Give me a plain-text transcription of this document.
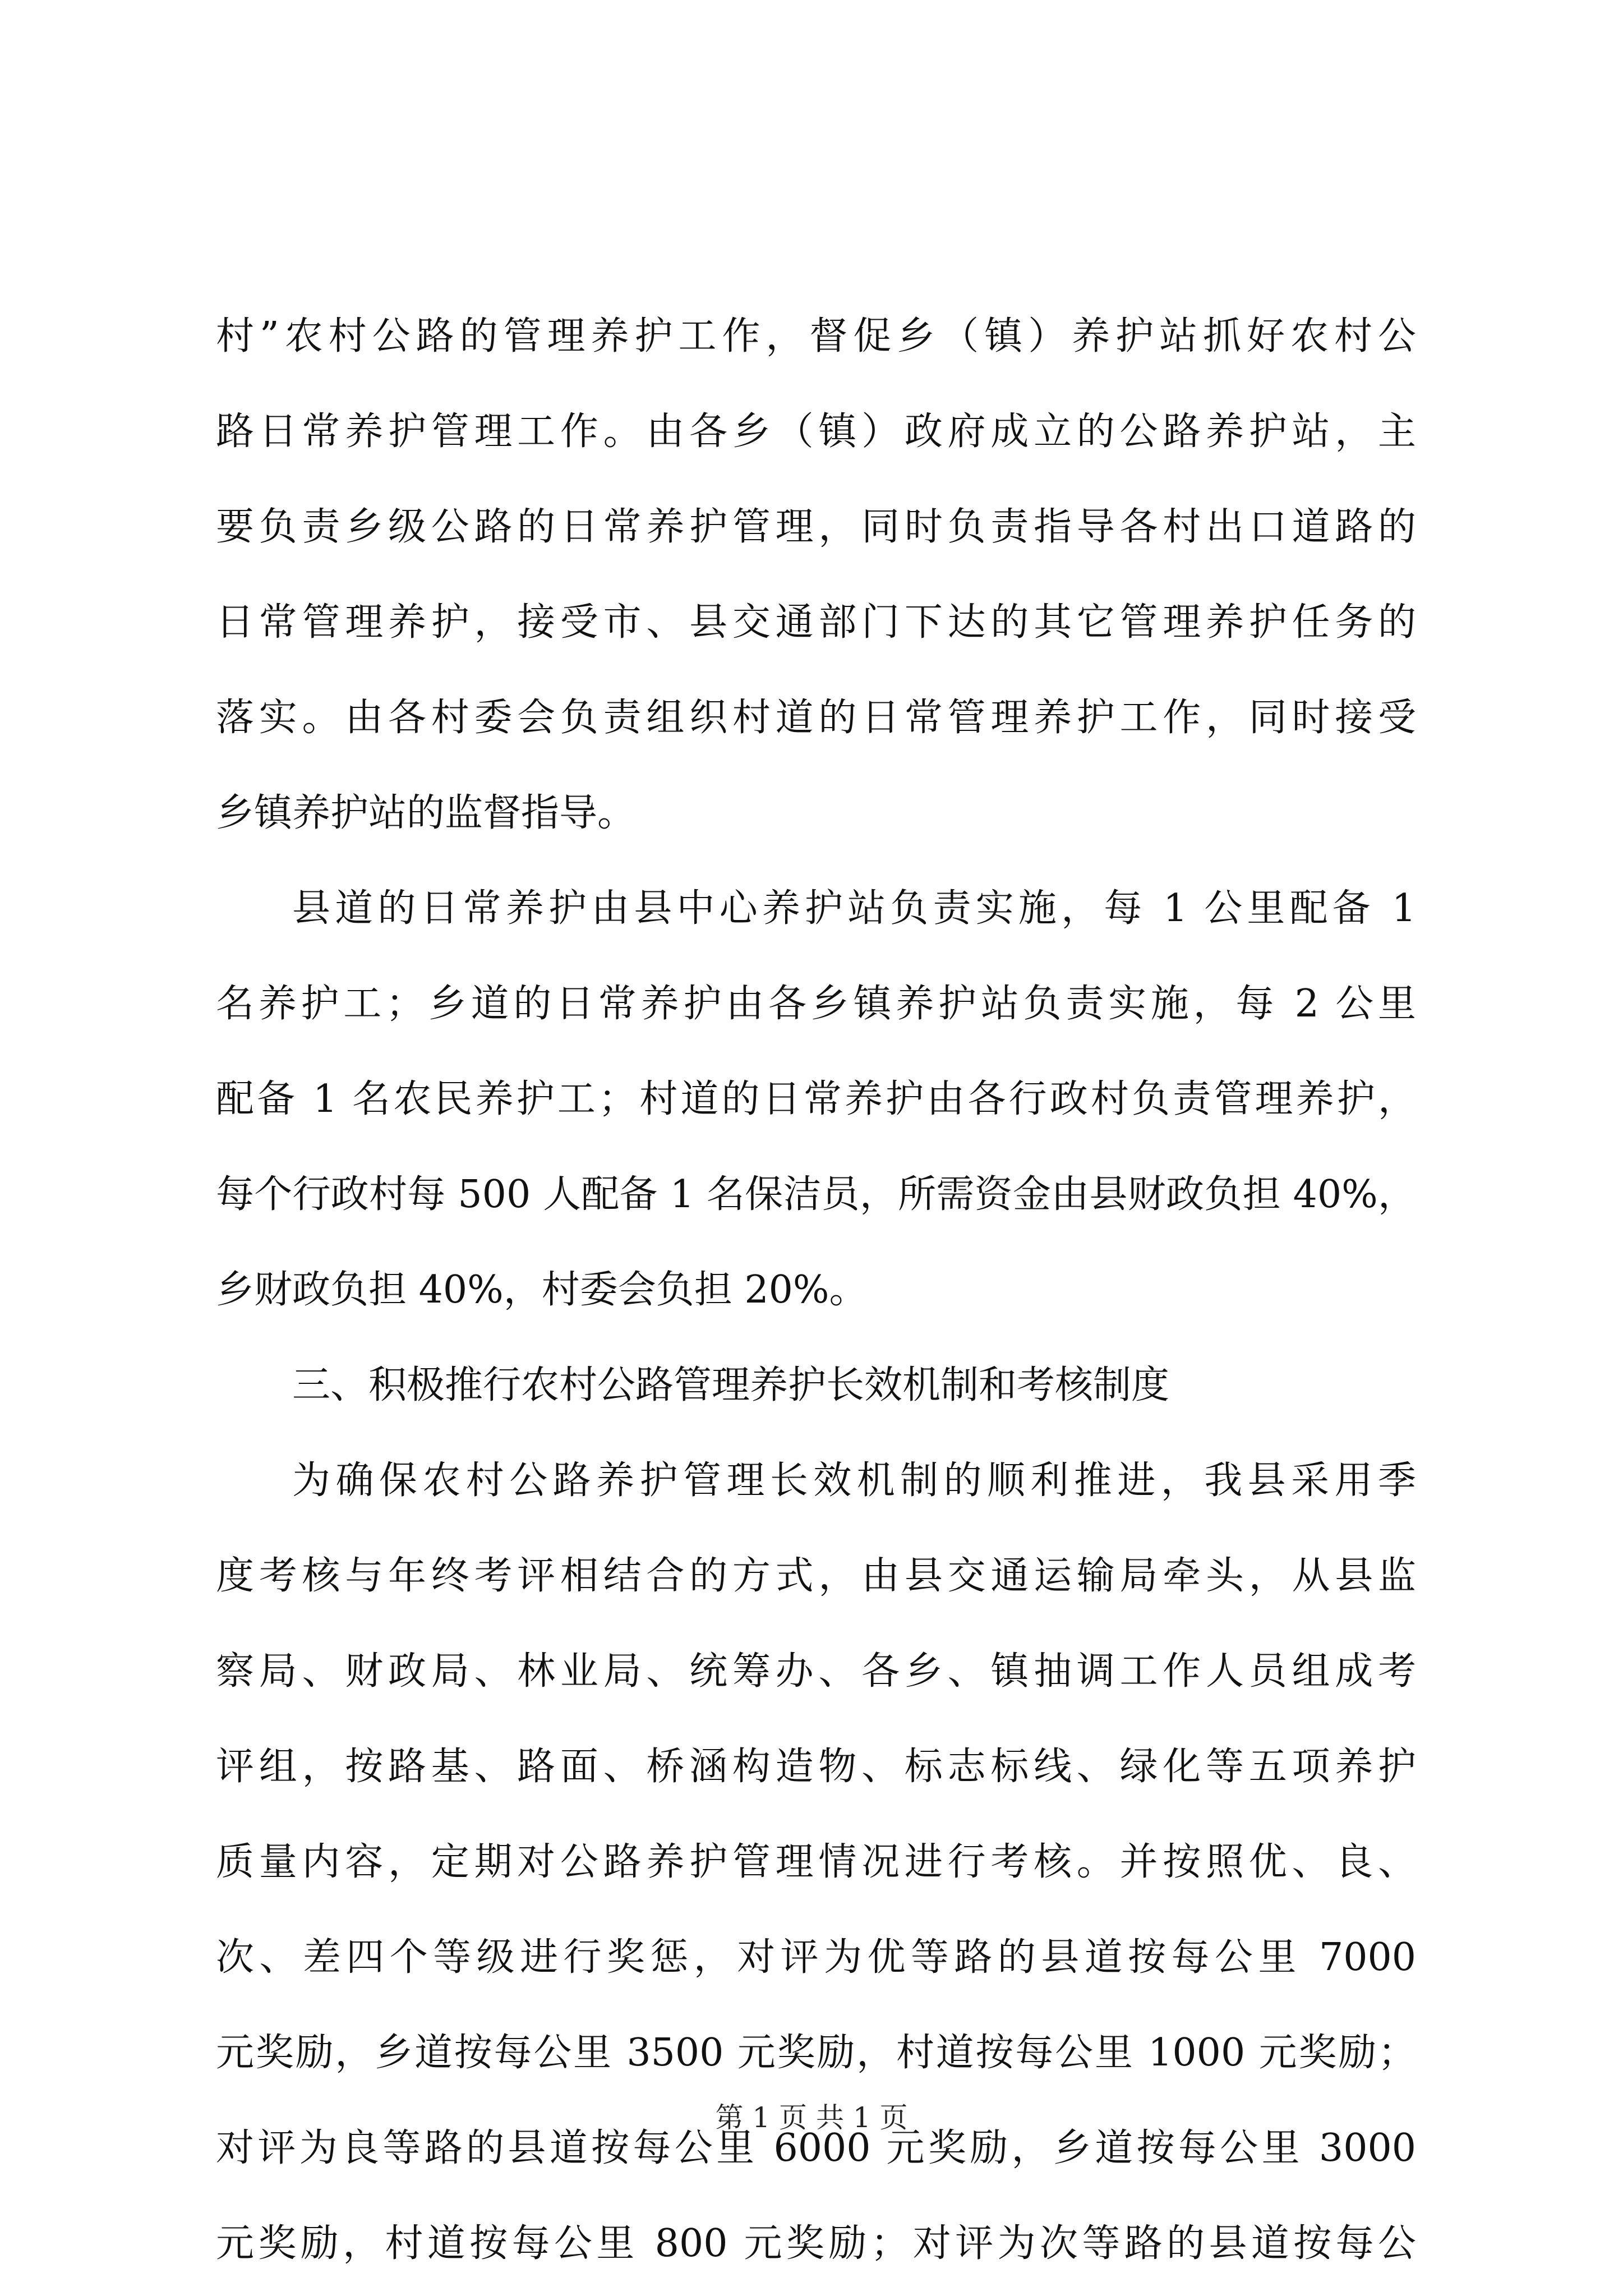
村”农村公路的管理养护工作，督促乡（镇）养护站抓好农村公
路日常养护管理工作。由各乡（镇）政府成立的公路养护站，主
要负责乡级公路的日常养护管理，同时负责指导各村出口道路的
日常管理养护，接受市、县交通部门下达的其它管理养护任务的
落实。由各村委会负责组织村道的日常管理养护工作，同时接受
乡镇养护站的监督指导。
县道的日常养护由县中心养护站负责实施，每 1 公里配备 1
名养护工；乡道的日常养护由各乡镇养护站负责实施，每 2 公里
配备 1 名农民养护工；村道的日常养护由各行政村负责管理养护，
每个行政村每 500 人配备 1 名保洁员，所需资金由县财政负担 40%，
乡财政负担 40%，村委会负担 20%。
三、积极推行农村公路管理养护长效机制和考核制度
为确保农村公路养护管理长效机制的顺利推进，我县采用季
度考核与年终考评相结合的方式，由县交通运输局牵头，从县监
察局、财政局、林业局、统筹办、各乡、镇抽调工作人员组成考
评组，按路基、路面、桥涵构造物、标志标线、绿化等五项养护
质量内容，定期对公路养护管理情况进行考核。并按照优、良、
次、差四个等级进行奖惩，对评为优等路的县道按每公里 7000
元奖励，乡道按每公里 3500 元奖励，村道按每公里 1000 元奖励；
对评为良等路的县道按每公里 6000 元奖励，乡道按每公里 3000
元奖励，村道按每公里 800 元奖励；对评为次等路的县道按每公
第 1 页 共 1 页
